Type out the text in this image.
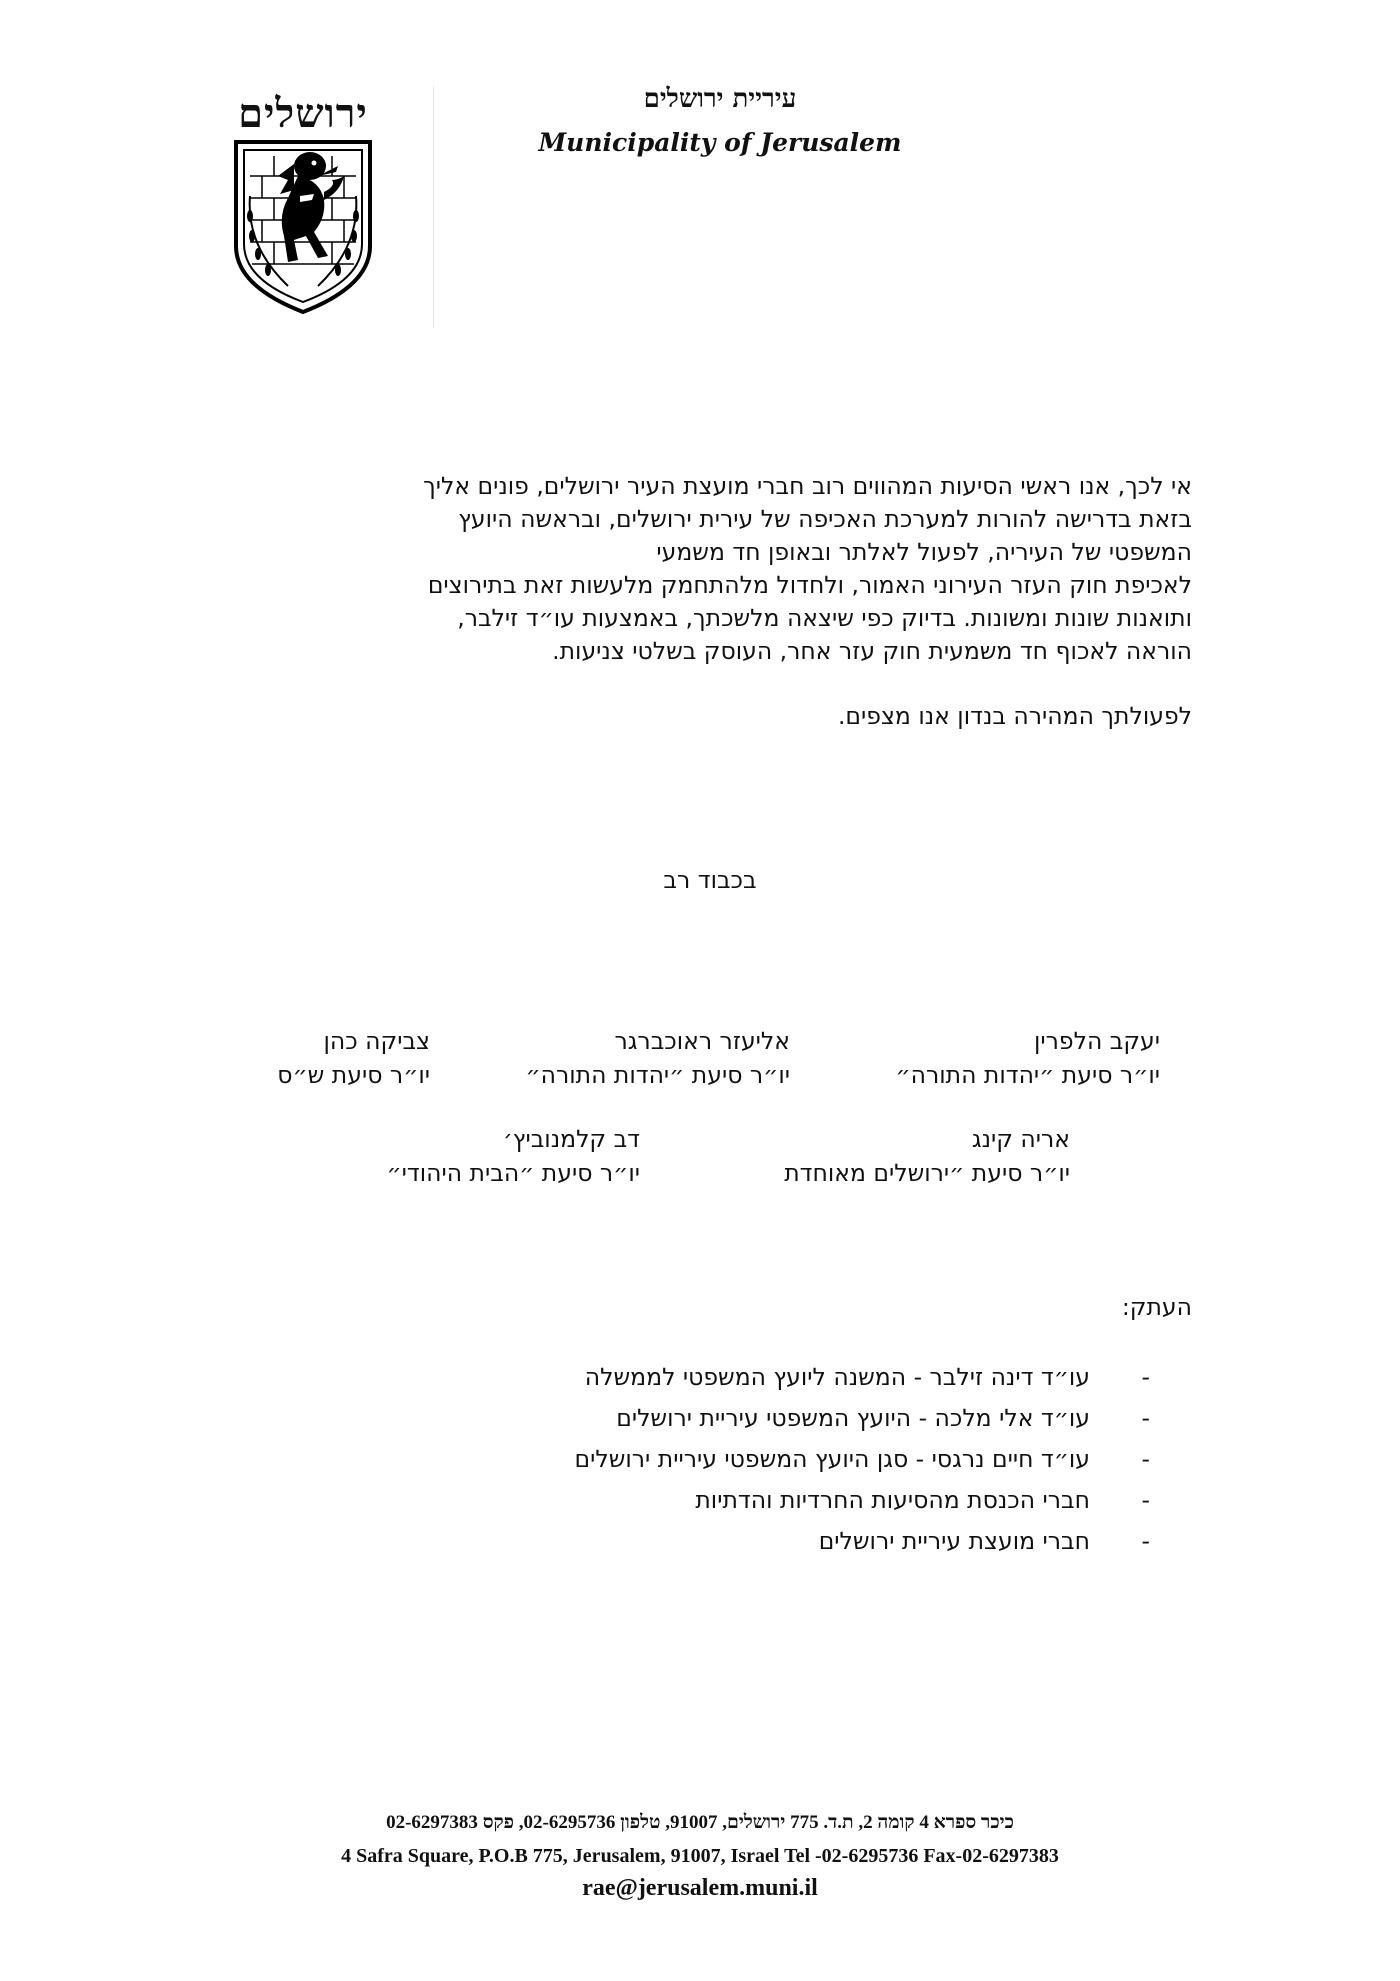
ירושלים	עיריית ירושלים
Municipality of Jerusalem
אי לכך, אנו ראשי הסיעות המהווים רוב חברי מועצת העיר ירושלים, פונים אליך
בזאת בדרישה להורות למערכת האכיפה של עירית ירושלים, ובראשה היועץ
המשפטי של העיריה, לפעול לאלתר ובאופן חד משמעי
לאכיפת חוק העזר העירוני האמור, ולחדול מלהתחמק מלעשות זאת בתירוצים
ותואנות שונות ומשונות. בדיוק כפי שיצאה מלשכתך, באמצעות עו״ד זילבר,
הוראה לאכוף חד משמעית חוק עזר אחר, העוסק בשלטי צניעות.
לפעולתך המהירה בנדון אנו מצפים.
בכבוד רב
יעקב הלפרין
יו״ר סיעת ״יהדות התורה״
אליעזר ראוכברגר
יו״ר סיעת ״יהדות התורה״
צביקה כהן
יו״ר סיעת ש״ס
אריה קינג
יו״ר סיעת ״ירושלים מאוחדת
דב קלמנוביץ׳
יו״ר סיעת ״הבית היהודי״
העתק:
-
עו״ד דינה זילבר - המשנה ליועץ המשפטי לממשלה
-
עו״ד אלי מלכה - היועץ המשפטי עיריית ירושלים
-
עו״ד חיים נרגסי - סגן היועץ המשפטי עיריית ירושלים
-
חברי הכנסת מהסיעות החרדיות והדתיות
-
חברי מועצת עיריית ירושלים
כיכר ספרא 4 קומה 2, ת.ד. 775 ירושלים, 91007, טלפון 02-6295736, פקס 02-6297383
4 Safra Square, P.O.B 775, Jerusalem, 91007, Israel Tel -02-6295736 Fax-02-6297383
rae@jerusalem.muni.il
